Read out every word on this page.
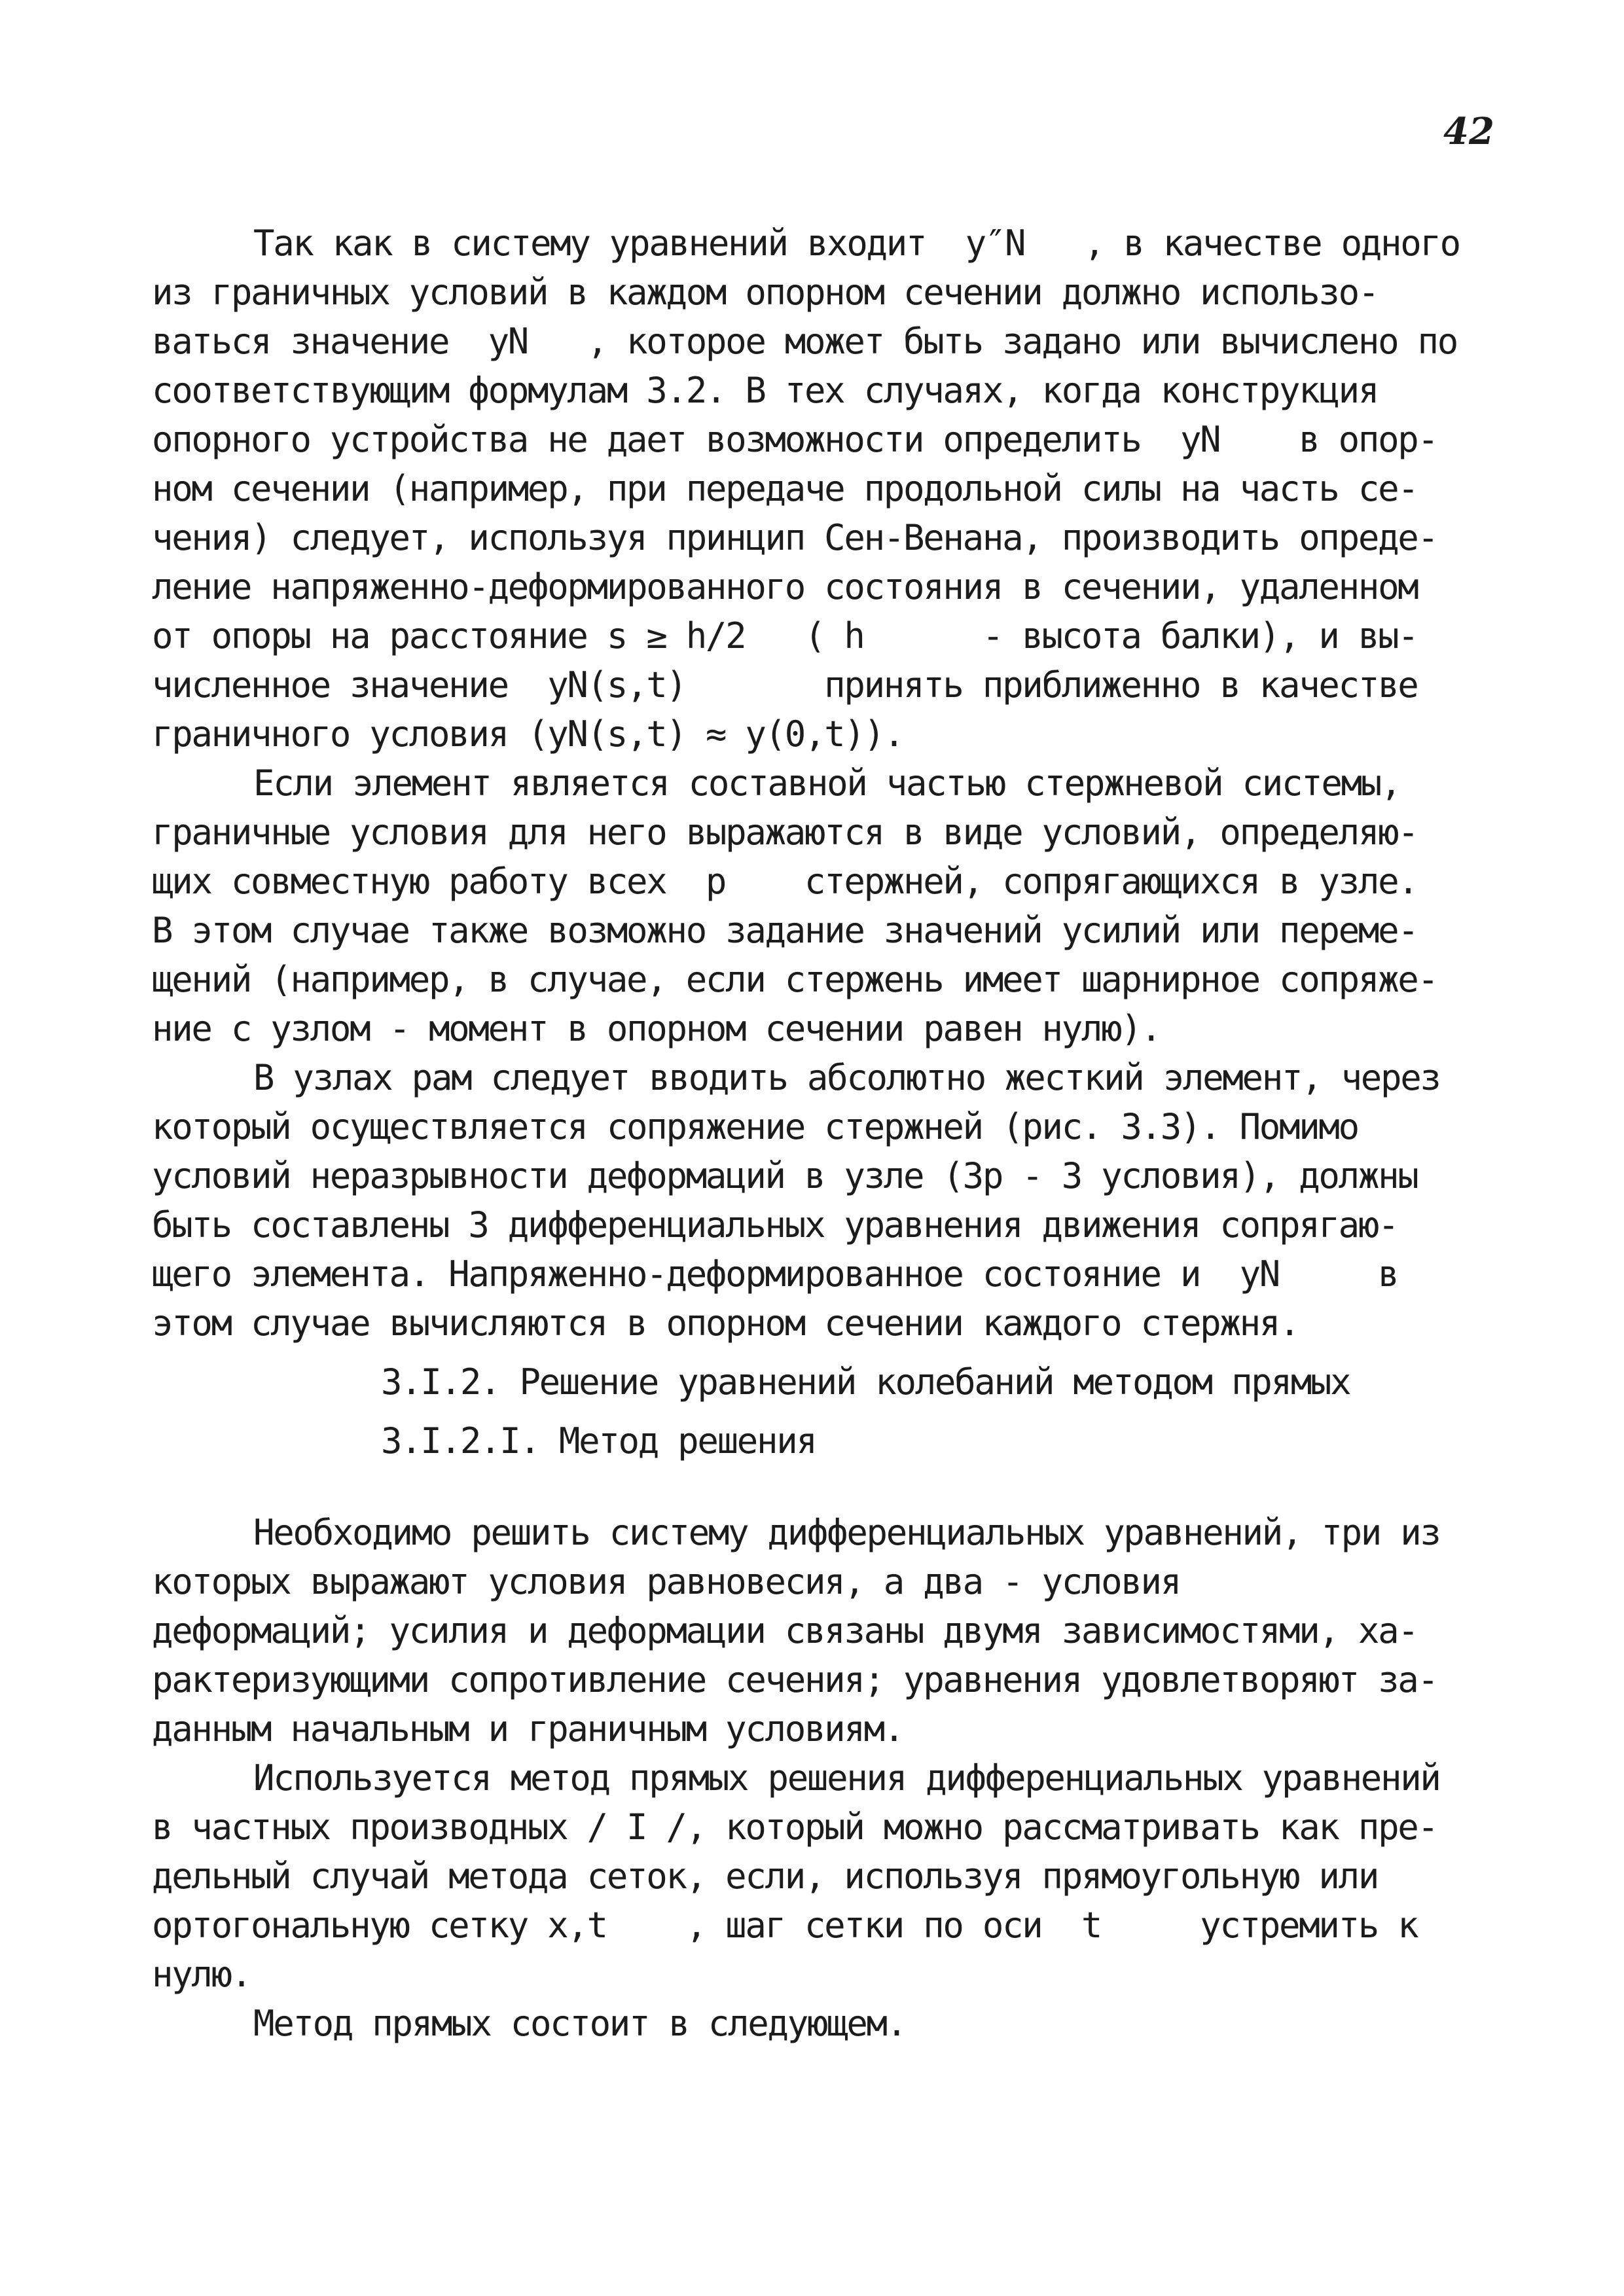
42
Так как в систему уравнений входит  y″N   , в качестве одного
из граничных условий в каждом опорном сечении должно использо-
ваться значение  yN   , которое может быть задано или вычислено по
соответствующим формулам 3.2. В тех случаях, когда конструкция
опорного устройства не дает возможности определить  yN    в опор-
ном сечении (например, при передаче продольной силы на часть се-
чения) следует, используя принцип Сен-Венана, производить опреде-
ление напряженно-деформированного состояния в сечении, удаленном
от опоры на расстояние s ≥ h/2   ( h      - высота балки), и вы-
численное значение  yN(s,t)       принять приближенно в качестве
граничного условия (yN(s,t) ≈ y(0,t)).
Если элемент является составной частью стержневой системы,
граничные условия для него выражаются в виде условий, определяю-
щих совместную работу всех  p    стержней, сопрягающихся в узле.
В этом случае также возможно задание значений усилий или переме-
щений (например, в случае, если стержень имеет шарнирное сопряже-
ние с узлом - момент в опорном сечении равен нулю).
В узлах рам следует вводить абсолютно жесткий элемент, через
который осуществляется сопряжение стержней (рис. 3.3). Помимо
условий неразрывности деформаций в узле (3p - 3 условия), должны
быть составлены 3 дифференциальных уравнения движения сопрягаю-
щего элемента. Напряженно-деформированное состояние и  yN     в
этом случае вычисляются в опорном сечении каждого стержня.
3.I.2. Решение уравнений колебаний методом прямых
3.I.2.I. Метод решения
Необходимо решить систему дифференциальных уравнений, три из
которых выражают условия равновесия, а два - условия
деформаций; усилия и деформации связаны двумя зависимостями, ха-
рактеризующими сопротивление сечения; уравнения удовлетворяют за-
данным начальным и граничным условиям.
Используется метод прямых решения дифференциальных уравнений
в частных производных / I /, который можно рассматривать как пре-
дельный случай метода сеток, если, используя прямоугольную или
ортогональную сетку x,t    , шаг сетки по оси  t     устремить к
нулю.
Метод прямых состоит в следующем.
